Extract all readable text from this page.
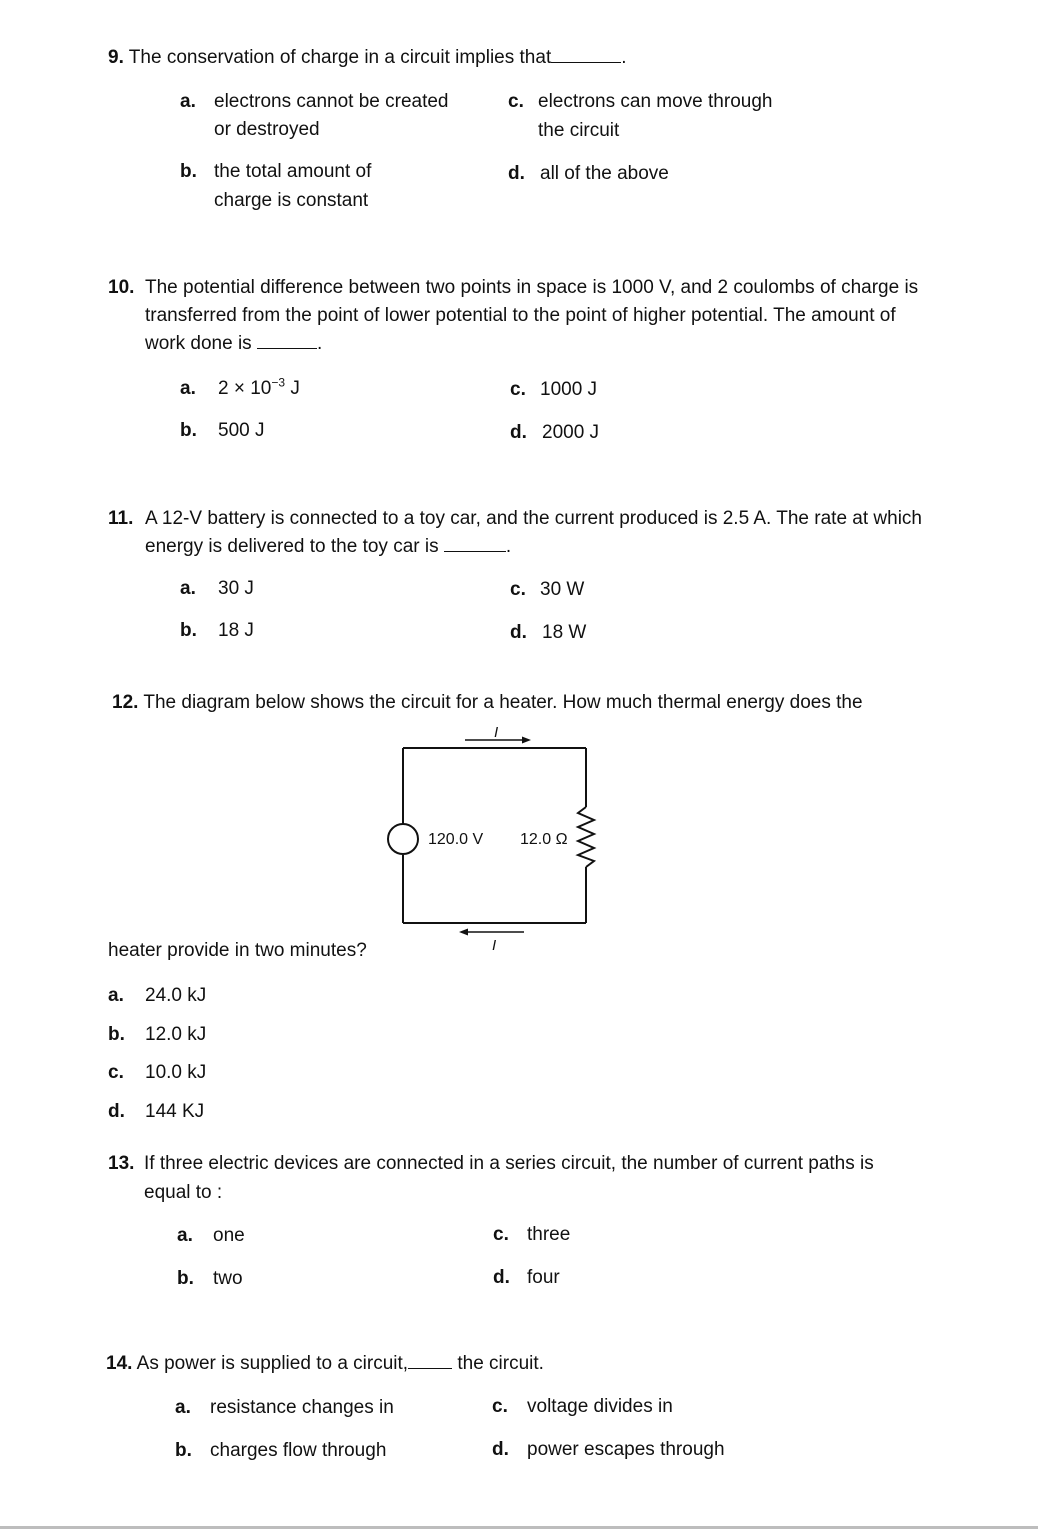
9. The conservation of charge in a circuit implies that	.
a. electrons cannot be created
or destroyed
b. the total amount of
charge is constant
c. electrons can move through
the circuit
d. all of the above
10. The potential difference between two points in space is 1000 V, and 2 coulombs of charge is
transferred from the point of lower potential to the point of higher potential. The amount of
work done is	.
a. $2 \times 10^{-3}$ J
b. 500 J
c. 1000 J
d. 2000 J
11. A 12-V battery is connected to a toy car, and the current produced is 2.5 A. The rate at which
energy is delivered to the toy car is	.
a. 30 J
b. 18 J
c. 30 W
d. 18 W
12. The diagram below shows the circuit for a heater. How much thermal energy does the
I
120.0 V 12.0 Ω
I
heater provide in two minutes?
a. 24.0 kJ
b. 12.0 kJ
c. 10.0 kJ
d. 144 KJ
13. If three electric devices are connected in a series circuit, the number of current paths is
equal to :
a. one
b. two
c. three
d. four
14. As power is supplied to a circuit,	the circuit.
a. resistance changes in
b. charges flow through
c. voltage divides in
d. power escapes through
